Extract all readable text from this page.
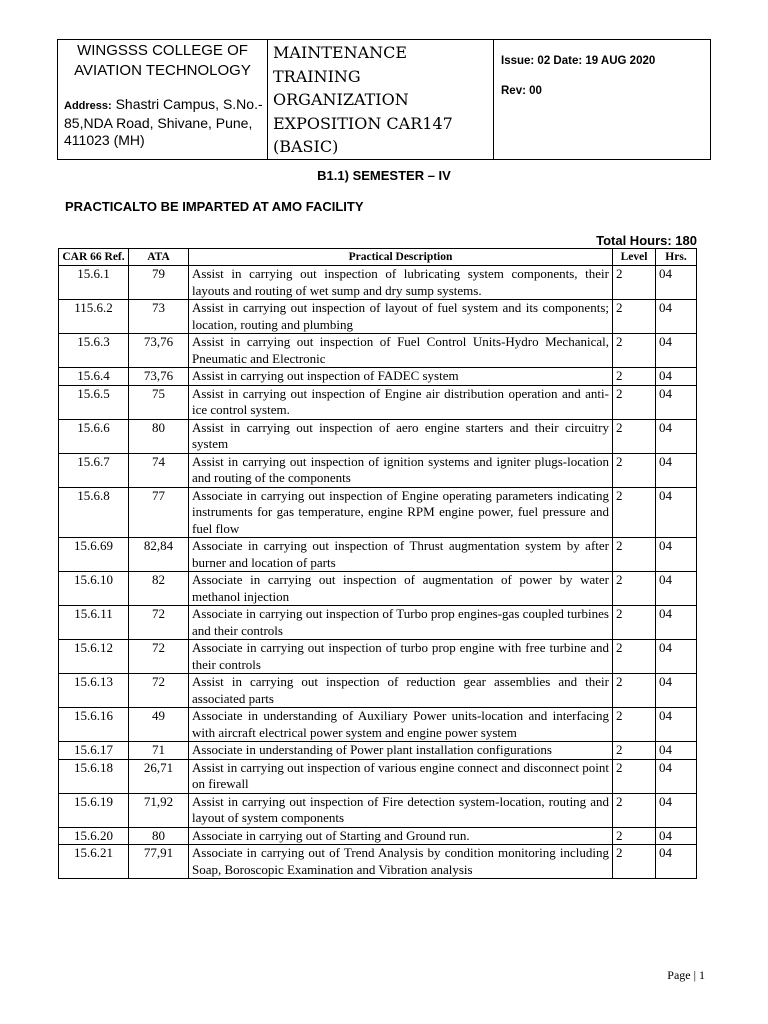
WINGSSS COLLEGE OF AVIATION TECHNOLOGY
Address: Shastri Campus, S.No.- 85,NDA Road, Shivane, Pune, 411023 (MH)

MAINTENANCE TRAINING ORGANIZATION EXPOSITION CAR147 (BASIC)

Issue: 02 Date: 19 AUG 2020
Rev: 00
B1.1) SEMESTER – IV
PRACTICALTO BE IMPARTED AT AMO FACILITY
Total Hours: 180
CAR 66 Ref.	ATA	Practical Description	Level	Hrs.
15.6.1	79	Assist in carrying out inspection of lubricating system components, their layouts and routing of wet sump and dry sump systems.	2	04
115.6.2	73	Assist in carrying out inspection of layout of fuel system and its components; location, routing and plumbing	2	04
15.6.3	73,76	Assist in carrying out inspection of Fuel Control Units-Hydro Mechanical, Pneumatic and Electronic	2	04
15.6.4	73,76	Assist in carrying out inspection of FADEC system	2	04
15.6.5	75	Assist in carrying out inspection of Engine air distribution operation and anti-ice control system.	2	04
15.6.6	80	Assist in carrying out inspection of aero engine starters and their circuitry system	2	04
15.6.7	74	Assist in carrying out inspection of ignition systems and igniter plugs-location and routing of the components	2	04
15.6.8	77	Associate in carrying out inspection of Engine operating parameters indicating instruments for gas temperature, engine RPM engine power, fuel pressure and fuel flow	2	04
15.6.69	82,84	Associate in carrying out inspection of Thrust augmentation system by after burner and location of parts	2	04
15.6.10	82	Associate in carrying out inspection of augmentation of power by water methanol injection	2	04
15.6.11	72	Associate in carrying out inspection of Turbo prop engines-gas coupled turbines and their controls	2	04
15.6.12	72	Associate in carrying out inspection of turbo prop engine with free turbine and their controls	2	04
15.6.13	72	Assist in carrying out inspection of reduction gear assemblies and their associated parts	2	04
15.6.16	49	Associate in understanding of Auxiliary Power units-location and interfacing with aircraft electrical power system and engine power system	2	04
15.6.17	71	Associate in understanding of Power plant installation configurations	2	04
15.6.18	26,71	Assist in carrying out inspection of various engine connect and disconnect point on firewall	2	04
15.6.19	71,92	Assist in carrying out inspection of Fire detection system-location, routing and layout of system components	2	04
15.6.20	80	Associate in carrying out of Starting and Ground run.	2	04
15.6.21	77,91	Associate in carrying out of Trend Analysis by condition monitoring including Soap, Boroscopic Examination and Vibration analysis	2	04
Page | 1
